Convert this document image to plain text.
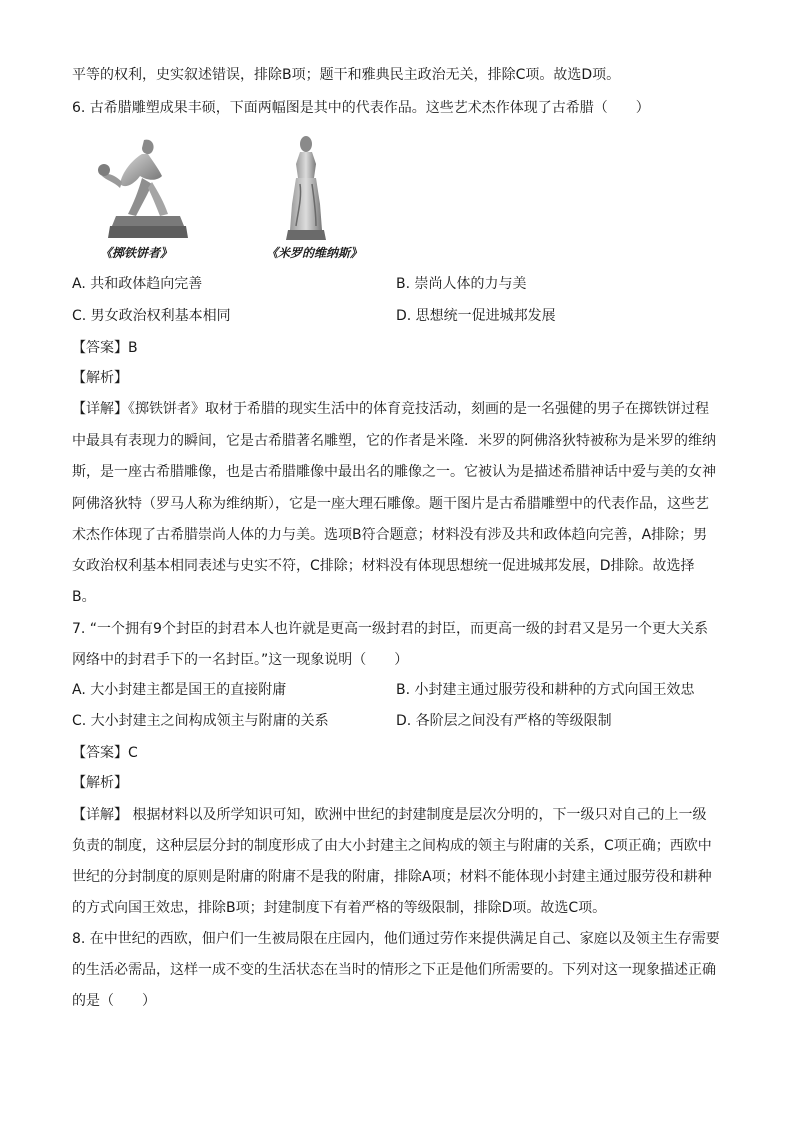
平等的权利，史实叙述错误，排除B项；题干和雅典民主政治无关，排除C项。故选D项。
6. 古希腊雕塑成果丰硕，下面两幅图是其中的代表作品。这些艺术杰作体现了古希腊（　　）
《掷铁饼者》	《米罗的维纳斯》
A. 共和政体趋向完善	B. 崇尚人体的力与美
C. 男女政治权利基本相同	D. 思想统一促进城邦发展
【答案】B
【解析】
【详解】《掷铁饼者》取材于希腊的现实生活中的体育竞技活动，刻画的是一名强健的男子在掷铁饼过程
中最具有表现力的瞬间，它是古希腊著名雕塑，它的作者是米隆．米罗的阿佛洛狄特被称为是米罗的维纳
斯，是一座古希腊雕像，也是古希腊雕像中最出名的雕像之一。它被认为是描述希腊神话中爱与美的女神
阿佛洛狄特（罗马人称为维纳斯），它是一座大理石雕像。题干图片是古希腊雕塑中的代表作品，这些艺
术杰作体现了古希腊崇尚人体的力与美。选项B符合题意；材料没有涉及共和政体趋向完善，A排除；男
女政治权利基本相同表述与史实不符，C排除；材料没有体现思想统一促进城邦发展，D排除。故选择
B。
7. “一个拥有9个封臣的封君本人也许就是更高一级封君的封臣，而更高一级的封君又是另一个更大关系
网络中的封君手下的一名封臣。”这一现象说明（　　）
A. 大小封建主都是国王的直接附庸	B. 小封建主通过服劳役和耕种的方式向国王效忠
C. 大小封建主之间构成领主与附庸的关系	D. 各阶层之间没有严格的等级限制
【答案】C
【解析】
【详解】 根据材料以及所学知识可知，欧洲中世纪的封建制度是层次分明的，下一级只对自己的上一级
负责的制度，这种层层分封的制度形成了由大小封建主之间构成的领主与附庸的关系，C项正确；西欧中
世纪的分封制度的原则是附庸的附庸不是我的附庸，排除A项；材料不能体现小封建主通过服劳役和耕种
的方式向国王效忠，排除B项；封建制度下有着严格的等级限制，排除D项。故选C项。
8. 在中世纪的西欧，佃户们一生被局限在庄园内，他们通过劳作来提供满足自己、家庭以及领主生存需要
的生活必需品，这样一成不变的生活状态在当时的情形之下正是他们所需要的。下列对这一现象描述正确
的是（　　）
